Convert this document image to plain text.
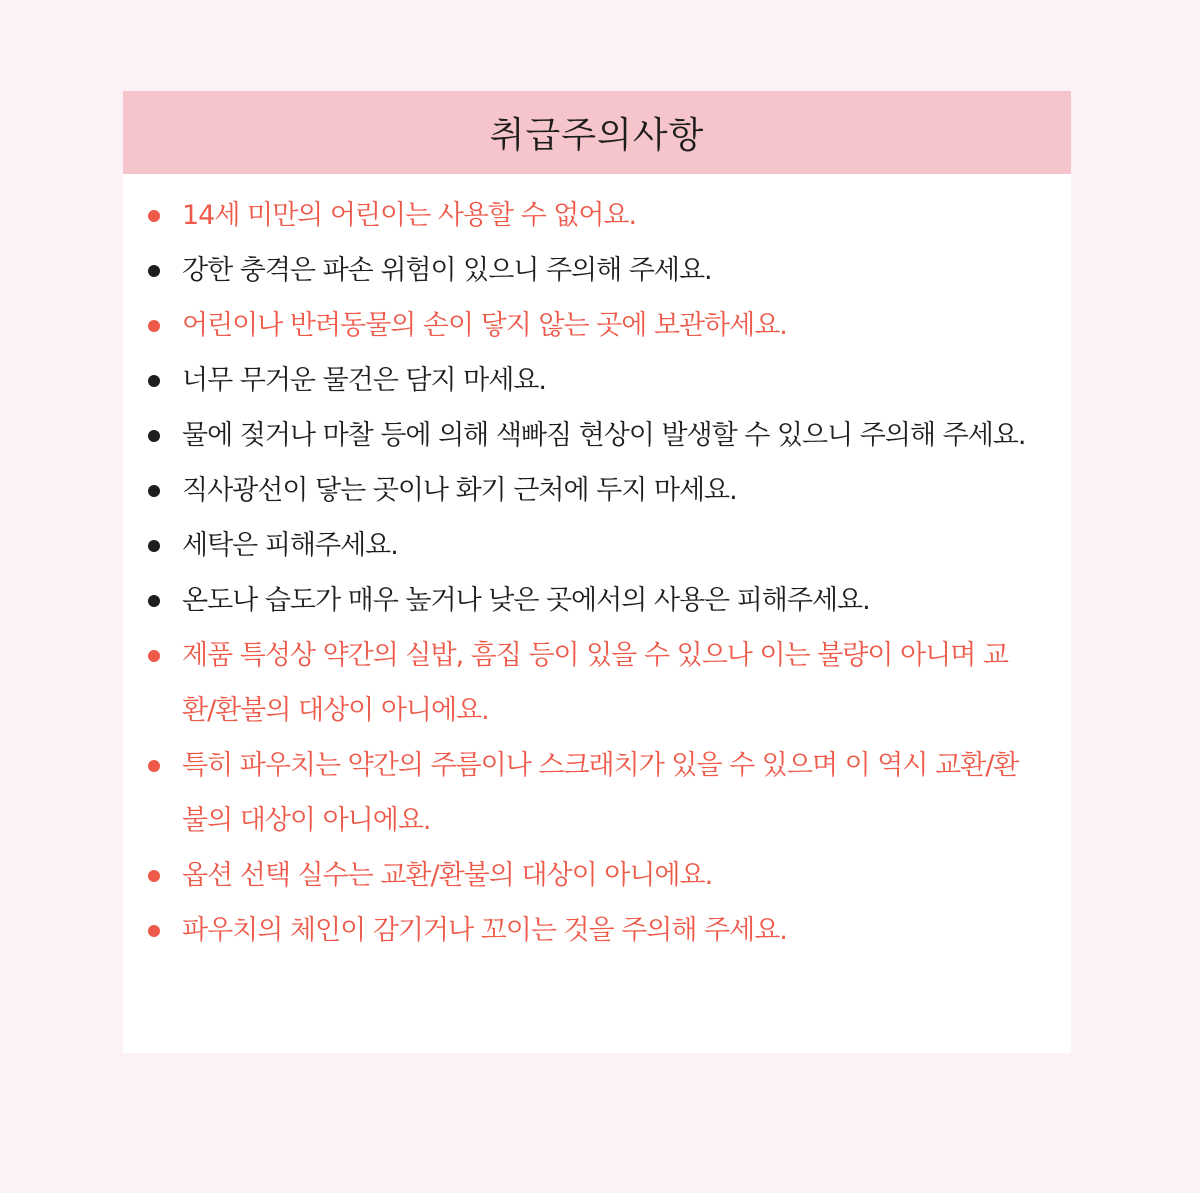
취급주의사항
14세 미만의 어린이는 사용할 수 없어요.
강한 충격은 파손 위험이 있으니 주의해 주세요.
어린이나 반려동물의 손이 닿지 않는 곳에 보관하세요.
너무 무거운 물건은 담지 마세요.
물에 젖거나 마찰 등에 의해 색빠짐 현상이 발생할 수 있으니 주의해 주세요.
직사광선이 닿는 곳이나 화기 근처에 두지 마세요.
세탁은 피해주세요.
온도나 습도가 매우 높거나 낮은 곳에서의 사용은 피해주세요.
제품 특성상 약간의 실밥, 흠집 등이 있을 수 있으나 이는 불량이 아니며 교환/환불의 대상이 아니에요.
특히 파우치는 약간의 주름이나 스크래치가 있을 수 있으며 이 역시 교환/환불의 대상이 아니에요.
옵션 선택 실수는 교환/환불의 대상이 아니에요.
파우치의 체인이 감기거나 꼬이는 것을 주의해 주세요.
